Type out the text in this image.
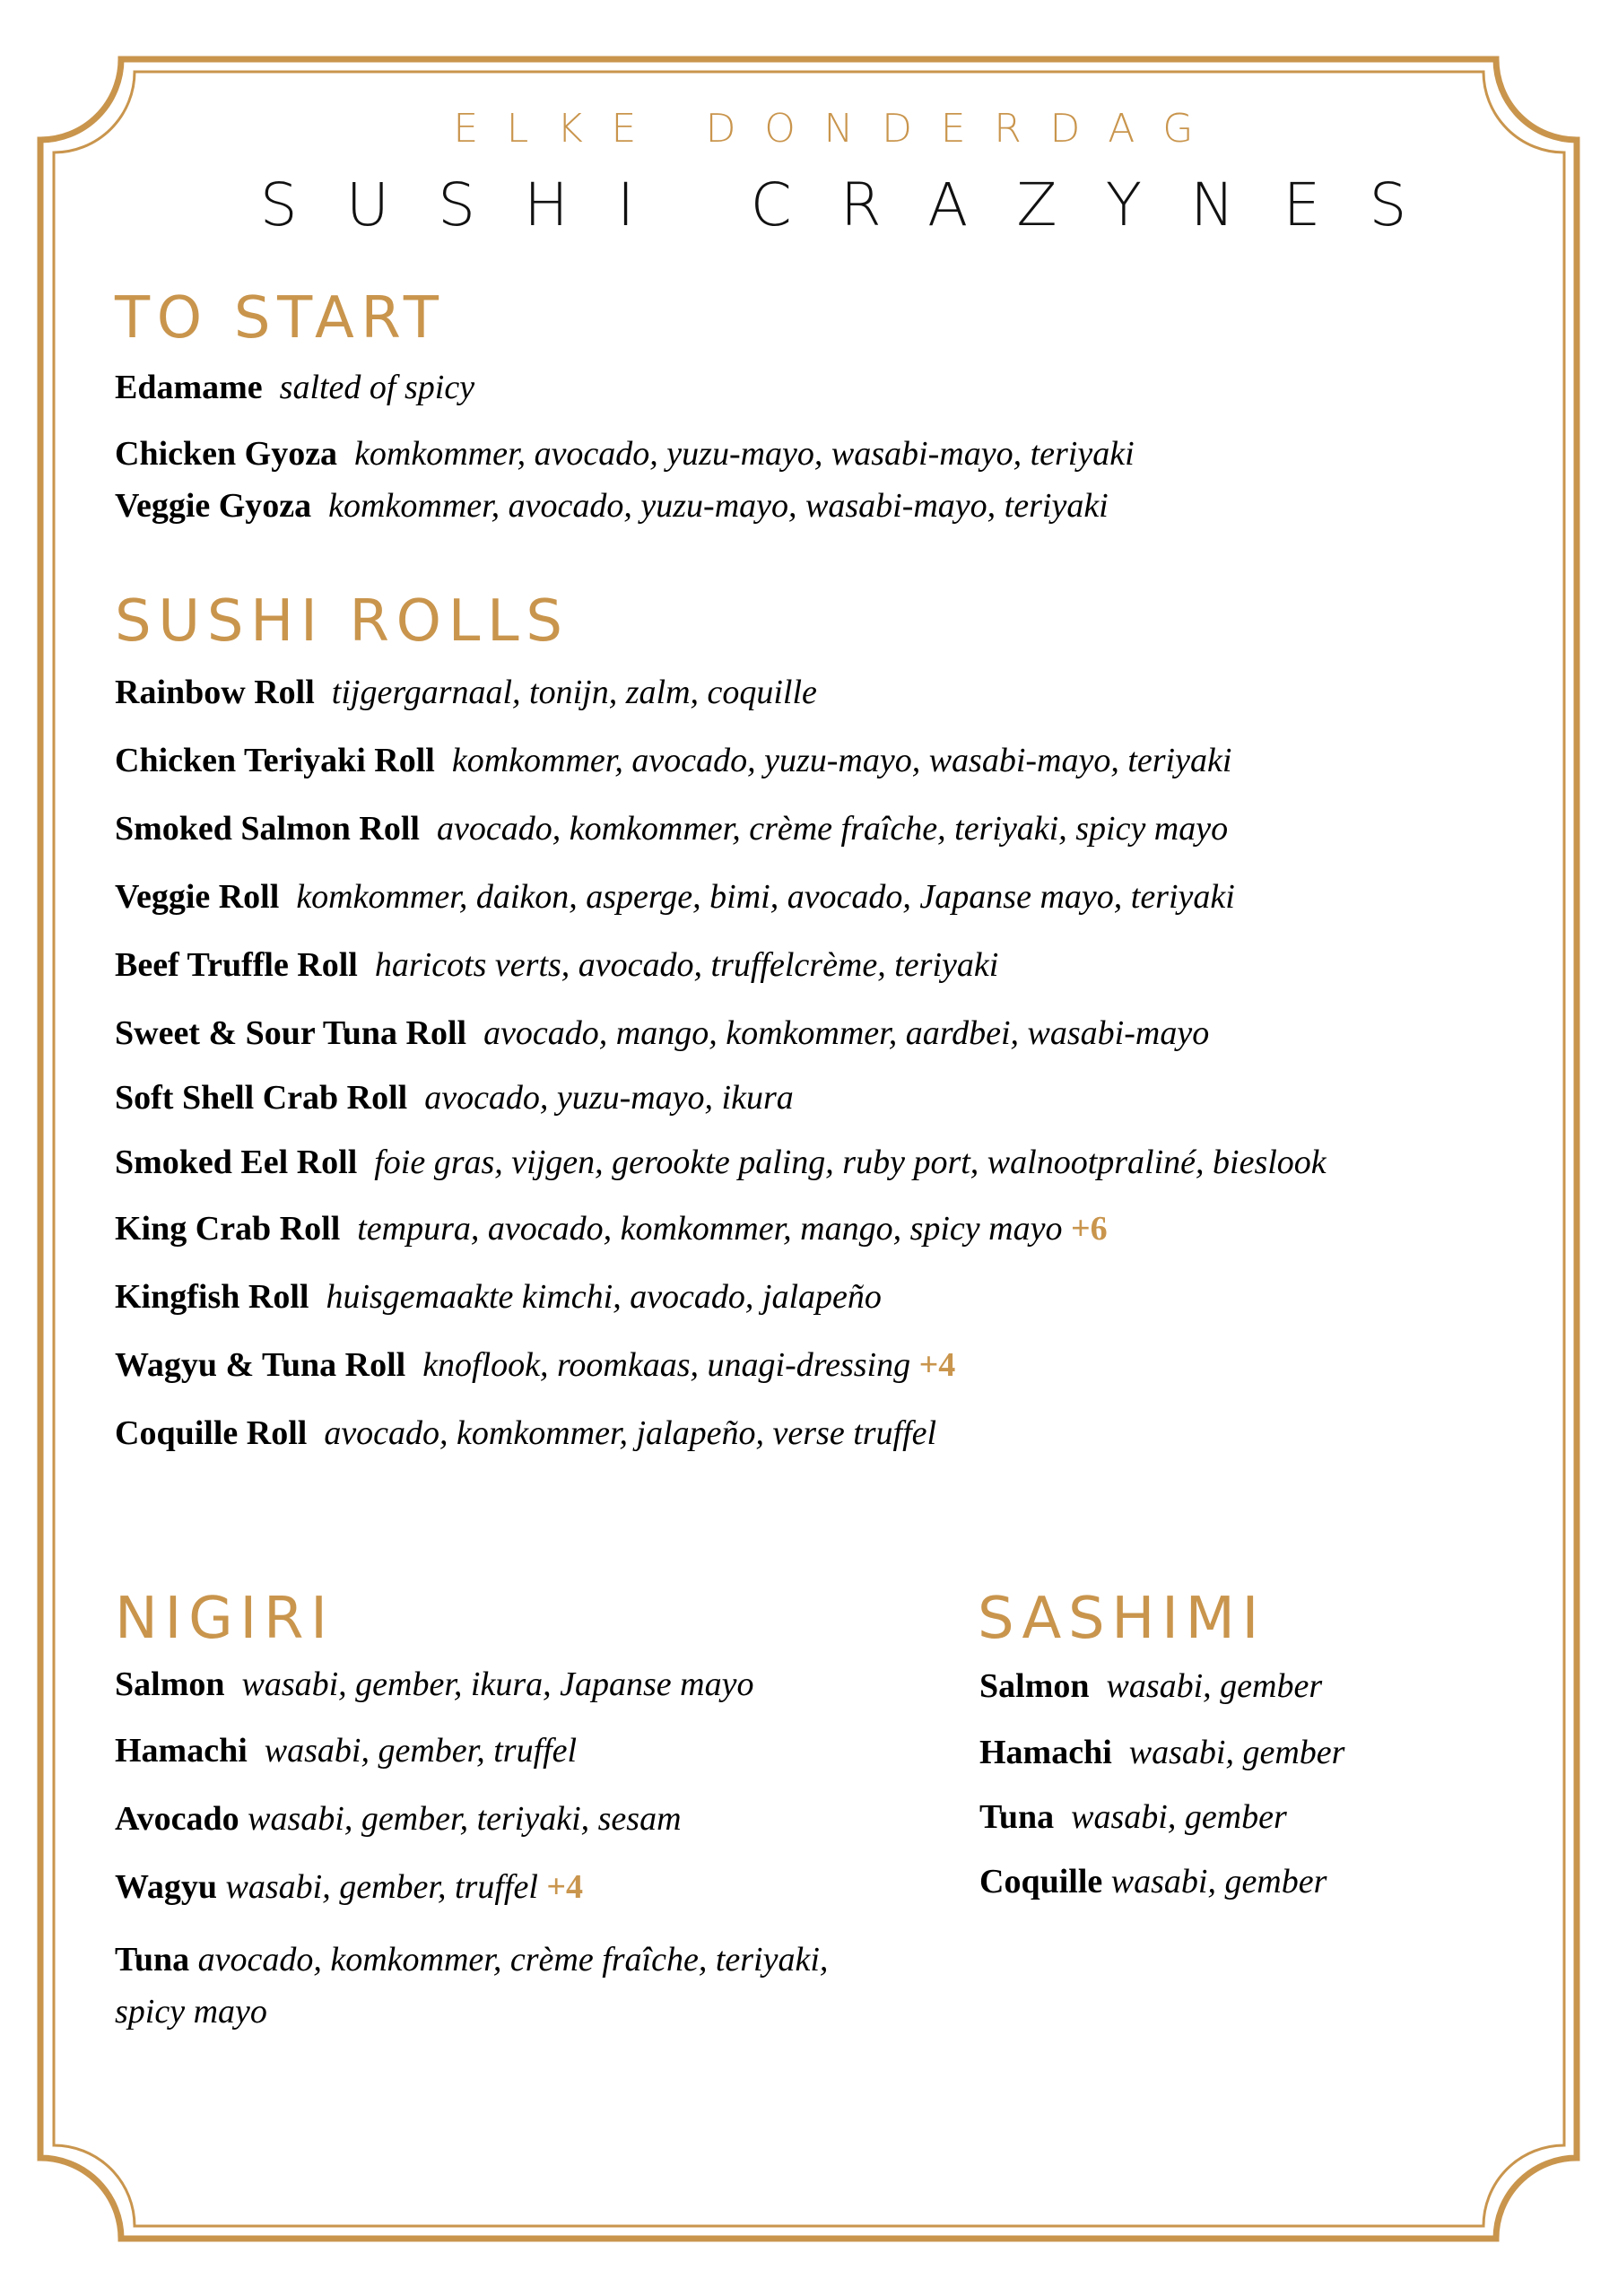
ELKE DONDERDAG
SUSHI CRAZYNES
TO START
Edamame salted of spicy
Chicken Gyoza komkommer, avocado, yuzu-mayo, wasabi-mayo, teriyaki
Veggie Gyoza komkommer, avocado, yuzu-mayo, wasabi-mayo, teriyaki
SUSHI ROLLS
Rainbow Roll tijgergarnaal, tonijn, zalm, coquille
Chicken Teriyaki Roll komkommer, avocado, yuzu-mayo, wasabi-mayo, teriyaki
Smoked Salmon Roll avocado, komkommer, crème fraîche, teriyaki, spicy mayo
Veggie Roll komkommer, daikon, asperge, bimi, avocado, Japanse mayo, teriyaki
Beef Truffle Roll haricots verts, avocado, truffelcrème, teriyaki
Sweet & Sour Tuna Roll avocado, mango, komkommer, aardbei, wasabi-mayo
Soft Shell Crab Roll avocado, yuzu-mayo, ikura
Smoked Eel Roll foie gras, vijgen, gerookte paling, ruby port, walnootpraliné, bieslook
King Crab Roll tempura, avocado, komkommer, mango, spicy mayo +6
Kingfish Roll huisgemaakte kimchi, avocado, jalapeño
Wagyu & Tuna Roll knoflook, roomkaas, unagi-dressing +4
Coquille Roll avocado, komkommer, jalapeño, verse truffel
NIGIRI
Salmon wasabi, gember, ikura, Japanse mayo
Hamachi wasabi, gember, truffel
Avocado wasabi, gember, teriyaki, sesam
Wagyu wasabi, gember, truffel +4
Tuna avocado, komkommer, crème fraîche, teriyaki, spicy mayo
SASHIMI
Salmon wasabi, gember
Hamachi wasabi, gember
Tuna wasabi, gember
Coquille wasabi, gember
